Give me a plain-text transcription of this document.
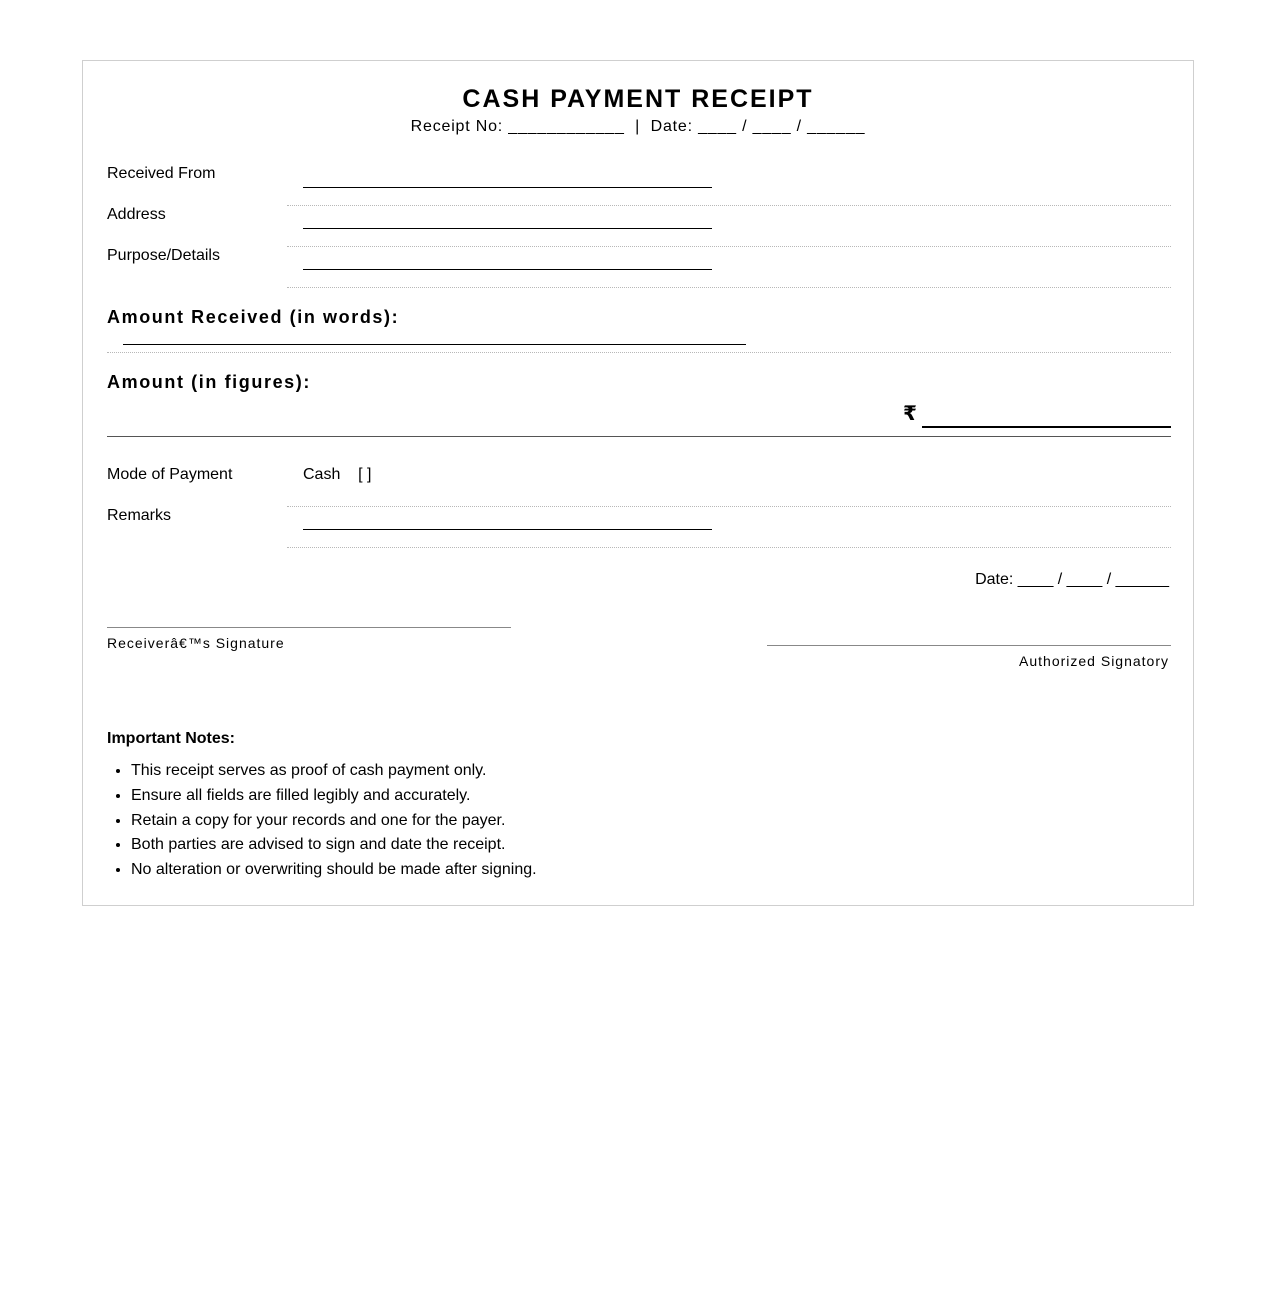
CASH PAYMENT RECEIPT
Receipt No: ____________  |  Date: ____ / ____ / ______
Received From
Address
Purpose/Details
Amount Received (in words):
Amount (in figures):
₹
Mode of Payment	Cash    [ ]
Remarks
Date: ____ / ____ / ______
Receiverâ€™s Signature
Authorized Signatory
Important Notes:
• This receipt serves as proof of cash payment only.
• Ensure all fields are filled legibly and accurately.
• Retain a copy for your records and one for the payer.
• Both parties are advised to sign and date the receipt.
• No alteration or overwriting should be made after signing.
